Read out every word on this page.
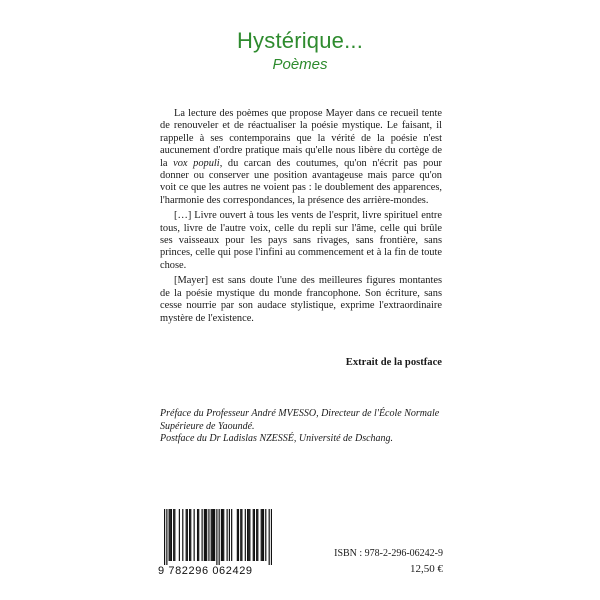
Hystérique...
Poèmes

La lecture des poèmes que propose Mayer dans ce recueil tente de renouveler et de réactualiser la poésie mystique. Le faisant, il rappelle à ses contemporains que la vérité de la poésie n'est aucunement d'ordre pratique mais qu'elle nous libère du cortège de la vox populi, du carcan des coutumes, qu'on n'écrit pas pour donner ou conserver une position avantageuse mais parce qu'on voit ce que les autres ne voient pas : le doublement des apparences, l'harmonie des correspondances, la présence des arrière-mondes.

[…] Livre ouvert à tous les vents de l'esprit, livre spirituel entre tous, livre de l'autre voix, celle du repli sur l'âme, celle qui brûle ses vaisseaux pour les pays sans rivages, sans frontière, sans princes, celle qui pose l'infini au commencement et à la fin de toute chose.

[Mayer] est sans doute l'une des meilleures figures montantes de la poésie mystique du monde francophone. Son écriture, sans cesse nourrie par son audace stylistique, exprime l'extraordinaire mystère de l'existence.

Extrait de la postface
Préface du Professeur André MVESSO, Directeur de l'École Normale Supérieure de Yaoundé.
Postface du Dr Ladislas NZESSÉ, Université de Dschang.
9 782296 062429
ISBN : 978-2-296-06242-9
12,50 €
